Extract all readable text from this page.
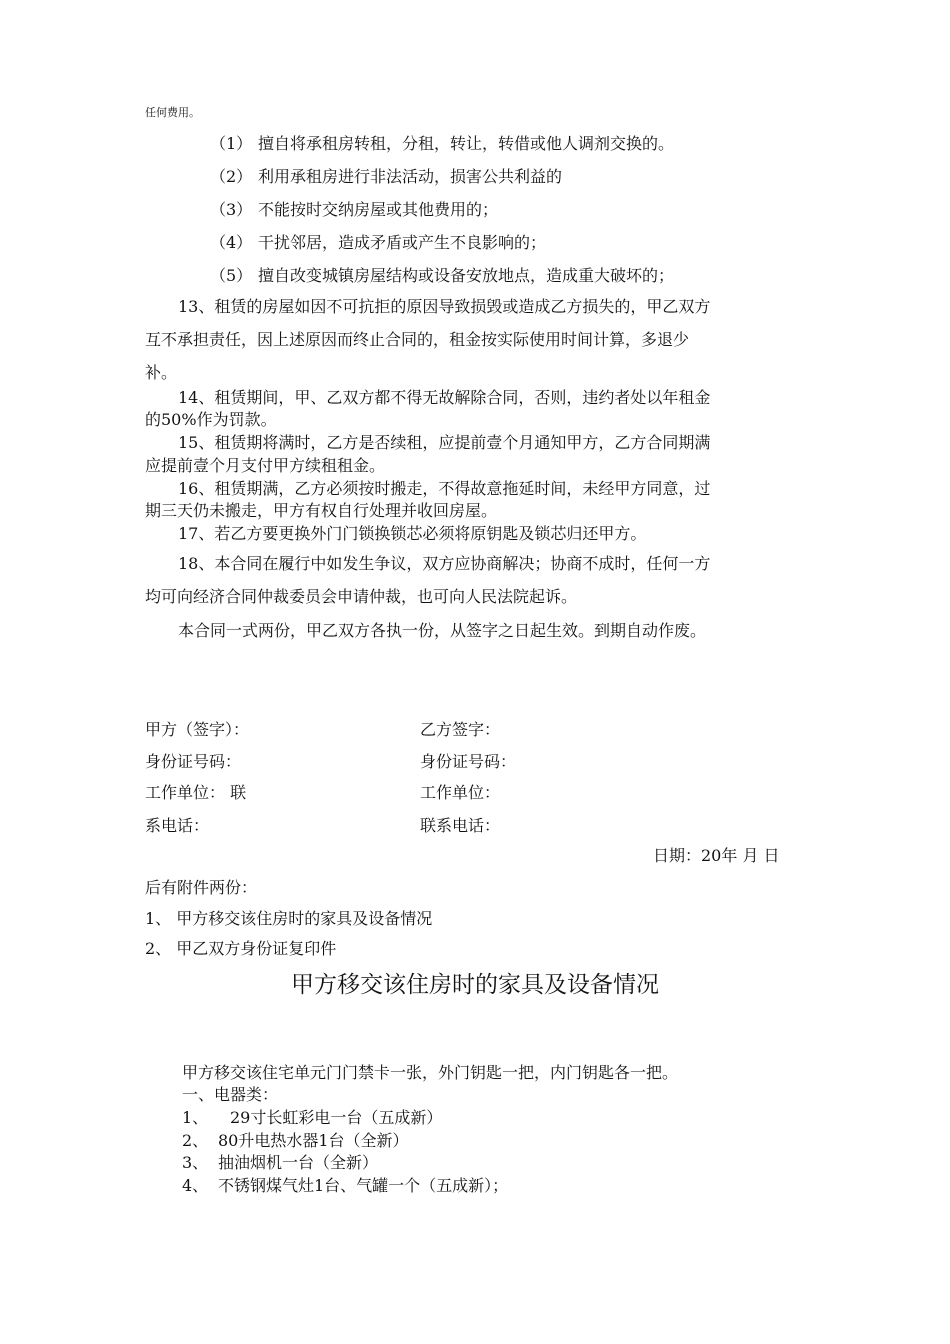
任何费用。
（1） 擅自将承租房转租，分租，转让，转借或他人调剂交换的。
（2） 利用承租房进行非法活动，损害公共利益的
（3） 不能按时交纳房屋或其他费用的；
（4） 干扰邻居，造成矛盾或产生不良影响的；
（5） 擅自改变城镇房屋结构或设备安放地点，造成重大破坏的；
13、租赁的房屋如因不可抗拒的原因导致损毁或造成乙方损失的，甲乙双方
互不承担责任，因上述原因而终止合同的，租金按实际使用时间计算，多退少
补。
14、租赁期间，甲、乙双方都不得无故解除合同，否则，违约者处以年租金
的50%作为罚款。
15、租赁期将满时，乙方是否续租，应提前壹个月通知甲方，乙方合同期满
应提前壹个月支付甲方续租租金。
16、租赁期满，乙方必须按时搬走，不得故意拖延时间，未经甲方同意，过
期三天仍未搬走，甲方有权自行处理并收回房屋。
17、若乙方要更换外门门锁换锁芯必须将原钥匙及锁芯归还甲方。
18、本合同在履行中如发生争议，双方应协商解决；协商不成时，任何一方
均可向经济合同仲裁委员会申请仲裁，也可向人民法院起诉。
本合同一式两份，甲乙双方各执一份，从签字之日起生效。到期自动作废。
甲方（签字）：	乙方签字：
身份证号码：	身份证号码：
工作单位： 联	工作单位：
系电话：	联系电话：
日期：20年 月 日
后有附件两份：
1、 甲方移交该住房时的家具及设备情况
2、 甲乙双方身份证复印件
甲方移交该住房时的家具及设备情况
甲方移交该住宅单元门门禁卡一张，外门钥匙一把，内门钥匙各一把。
一、电器类：
1、 29寸长虹彩电一台（五成新）
2、 80升电热水器1台（全新）
3、 抽油烟机一台（全新）
4、 不锈钢煤气灶1台、气罐一个（五成新）；
